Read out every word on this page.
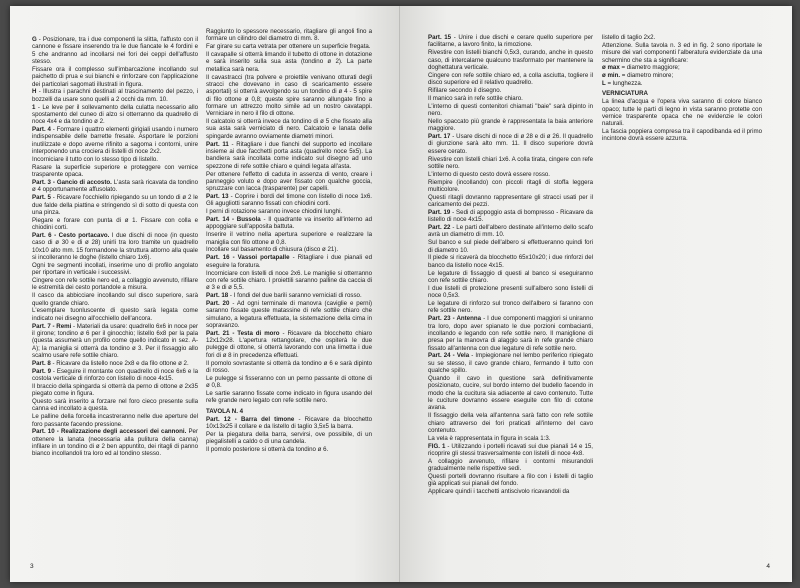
G - Posizionare, tra i due componenti la slitta, l'affusto con il cannone e fissare inserendo tra le due fiancate le 4 fordini e 5 che andranno ad incollarsi nei fori dei ceppi dell'affusto stesso.

Fissare ora il complesso sull'imbarcazione incollando sul paichetto di prua e sui bianchi e rinforzare con l'applicazione dei particolari sagomati illustrati in figura.

H - Illustra i parachni destinati al trascinamento del pezzo, i bozzelli da usare sono quelli a 2 occhi da mm. 10.

1 - Le leve per il sollevamento della culatta necessario allo spostamento del cuneo di alzo si otterranno da quadrello di noce 4x4 e da tondino ø 2.

Part. 4 - Formare i quattro elementi girigiali usando i numero indispensabile delle barrette fresate. Asportare le porzioni inutilizzate e dopo averne rifinito a sagoma i contorni, unire interponendo una crociera di listelli di noce 2x2.

Incorniciare il tutto con lo stesso tipo di listello.

Rasare la superficie superiore e proteggere con vernice trasparente opaca.

Part. 3 - Gancio di accosto. L'asta sarà ricavata da tondino ø 4 opportunamente affusolato.

Part. 5 - Ricavare l'occhiello ripiegando su un tondo di ø 2 le due falde della piattina e stringendo sì di sotto di questa con una pinza.

Piegare e forare con punta di ø 1. Fissare con colla e chiodini corti.

Part. 6 - Cesto portacavo. I due dischi di noce (in questo caso di ø 30 e di ø 28) unirli tra loro tramite un quadrello 10x10 alto mm. 15 formandone la struttura attorno alla quale si incolleranno le doghe (listello chiaro 1x6).

Ogni tre segmenti incollati, inserirne uno di profilo angolato per riportare in verticale i successivi.

Cingere con refe sottile nero ed, a collaggio avvenuto, rifilare le estremità dei cesto portandole a misura.

Il casco da abbicciare incollando sul disco superiore, sarà quello grande chiaro.

L'esemplare tuonluscente di questo sarà legata come indicato nei disegno all'occhiello dell'ancora.

Part. 7 - Remi - Materiali da usare: quadrello 6x6 in noce per il girone; tondino ø 6 per il ginocchio; listello 6x8 per la pala (questa assumerà un profilo come quello indicato in sez. A-A); la maniglia si otterrà da tondino ø 3. Per il fissaggio allo scalmo usare refe sottile chiaro.

Part. 8 - Ricavare da listello noce 2x8 e da filo ottone ø 2.

Part. 9 - Eseguire il montante con quadrello di noce 6x6 e la costola verticale di rinforzo con listello di noce 4x15.

Il braccio della spingarda si otterrà da perno di ottone ø 2x35 piegato come in figura.

Questo sarà inserito a forzare nel foro cieco presente sulla canna ed incollato a questa.

Le palline della forcella incastreranno nelle due aperture del foro passante facendo pressione.

Part. 10 - Realizzazione degli accessori dei cannoni. Per ottenere la lanata (necessaria alla pulitura della canna) infilare in un tondino di ø 2 ben appuntito, dei ritagli di panno bianco incollandoli tra loro ed al tondino stesso.

Raggiunto lo spessore necessario, ritagliare gli angoli fino a formare un cilindro del diametro di mm. 8.

Far girare su carta vetrata per ottenere un superficie fregata.

Il cavapalle si otterrà limando il tubetto di ottone in dotazione e sarà inserito sulla sua asta (tondino ø 2). La parte metallica sarà nera.

Il cavastracci (tra polvere e proiettile venivano otturati degli stracci che dovevano in caso di scaricamento essere asportati) si otterrà avvolgendo su un tondino di ø 4 - 5 spire di filo ottone ø 0,8; queste spire saranno allungate fino a formare un attrezzo molto simile ad un nostro cavatappi. Verniciare in nero il filo di ottone.

Il calcatoio si otterrà invece da tondino di ø 5 che fissato alla sua asta sarà verniciato di nero. Calcatoio e lanata delle spingarde avranno ovviamente diametri minori.

Part. 11 - Ritagliare i due fianchi del supporto ed incollare insieme ai due facchetti porta asta (quadrello noce 5x5). La bandiera sarà incollata come indicato sul disegno ad uno spezzone di refe sottile chiaro e quindi legata all'asta.

Per ottenere l'effetto di caduta in assenza di vento, creare i panneggio voluto e dopo aver fissato con qualche goccia, spruzzare con lacca (trasparente) per capelli.

Part. 13 - Coprire i bordi del timone con listello di noce 1x6. Gli agugliotti saranno fissati con chiodini corti.

I perni di rotazione saranno invece chiodini lunghi.

Part. 14 - Bussola - Il quadrante va inserito all'interno ad appoggiare sull'apposita battuta.

Inserire il vetrino nella apertura superiore e realizzare la maniglia con filo ottone ø 0,8.

Incollare sul basamento di chiusura (disco ø 21).

Part. 16 - Vassoi portapalle - Ritagliare i due pianali ed eseguire la foratura.

Incorniciare con listelli di noce 2x6. Le maniglie si otterranno con refe sottile chiaro. I proiettili saranno palline da caccia di ø 3 e di ø 5,5.

Part. 18 - I fondi del due barili saranno verniciati di rosso.

Part. 20 - Ad ogni terminale di manovra (caviglie e perni) saranno fissate queste matassine di refe sottile chiaro che simulano, a legatura effettuata, la sistemazione della cima in sopravanzo.

Part. 21 - Testa di moro - Ricavare da blocchetto chiaro 12x12x28. L'apertura rettangolare, che ospiterà le due pulegge di ottone, si otterrà lavorando con una limetta i due fori di ø 8 in precedenza effettuati.

Il pomolo sovrastante si otterrà da tondino ø 6 e sarà dipinto di rosso.

Le pulegge si fisseranno con un perno passante di ottone di ø 0,8.

Le sartie saranno fissate come indicato in figura usando del refe grande nero legato con refe sottile nero.

TAVOLA N. 4

Part. 12 - Barra del timone - Ricavare da blocchetto 10x13x25 il collare e da listello di taglio 3,5x5 la barra.

Per la piegatura della barra, servirsi, ove possibile, di un piegalistelli a caldo o di una candela.

Il pomolo posteriore si otterrà da tondino ø 6.

3

Part. 15 - Unire i due dischi e cerare quello superiore per facilitarne, a lavoro finito, la rimozione.

Rivestire con listelli bianchi 0,5x3, curando, anche in questo caso, di intercalarne qualcuno trasformato per mantenere la doghettatura verticale.

Cingere con refe sottile chiaro ed, a colla asciutta, togliere il disco superiore ed il relativo quadrello.

Rifilare secondo il disegno.

Il manico sarà in refe sottile chiaro.

L'interno di questi contenitori chiamati "baie" sarà dipinto in nero.

Nello spaccato più grande è rappresentata la baia anteriore maggiore.

Part. 17 - Usare dischi di noce di ø 28 e di ø 26. Il quadrello di giunzione sarà alto mm. 11. Il disco superiore dovrà essere cerato.

Rivestire con listelli chiari 1x6. A colla tirata, cingere con refe sottile nero.

L'interno di questo cesto dovrà essere rosso.

Riempire (incollando) con piccoli ritagli di stoffa leggera multicolore.

Questi ritagli dovranno rappresentare gli stracci usati per il caricamento dei pezzi.

Part. 19 - Sedi di appoggio asta di bompresso - Ricavare da listello di noce 4x15.

Part. 22 - Le parti dell'albero destinate all'interno dello scafo avrà un diametro di mm. 10.

Sul banco e sul piede dell'albero si effettueranno quindi fori di diametro 10.

Il piede si ricaverà da blocchetto 65x10x20; i due rinforzi del banco da listello noce 4x15.

Le legature di fissaggio di questi al banco si eseguiranno con refe sottile chiaro.

I due listelli di protezione presenti sull'albero sono listelli di noce 0,5x3.

Le legature di rinforzo sul tronco dell'albero si faranno con refe sottile nero.

Part. 23 - Antenna - I due componenti maggiori si uniranno tra loro, dopo aver spianato le due porzioni combacianti, incollando e legando con refe sottile nero. Il maniglione di presa per la manovra di alaggio sarà in refe grande chiaro fissato all'antenna con due legature di refe sottile nero.

Part. 24 - Vela - Impiegionare nel lembo periferico ripiegato su se stesso, il cavo grande chiaro, fermando il tutto con qualche spillo.

Quando il cavo in questione sarà definitivamente posizionato, cucire, sul bordo interno del budello facendo in modo che la cucitura sia adiacente al cavo contenuto. Tutte le cuciture dovranno essere eseguite con filo di cotone avana.

Il fissaggio della vela all'antenna sarà fatto con refe sottile chiaro attraverso dei fori praticati all'interno del cavo contenuto.

La vela è rappresentata in figura in scala 1:3.

FIG. 1 - Utilizzando i portelli ricavati sui due pianali 14 e 15, ricoprire gli stessi trasversalmente con listelli di noce 4x8.

A collaggio avvenuto, rifilare i contorni misurandoli gradualmente nelle rispettive sedi.

Questi portelli dovranno risultare a filo con i listelli di taglio già applicati sui pianali del fondo.

Applicare quindi i tacchetti antiscivolo ricavandoli da

listello di taglio 2x2.

Attenzione. Sulla tavola n. 3 ed in fig. 2 sono riportate le misure dei vari componenti l'alberatura evidenziate da una schermino che sta a significare:

ø max = diametro maggiore;

ø min. = diametro minore;

L = lunghezza.

VERNICIATURA

La linea d'acqua e l'opera viva saranno di colore bianco opaco; tutte le parti di legno in vista saranno protette con vernice trasparente opaca che ne evidenzie le colori naturali.

La fascia poppiera compresa tra il capodibanda ed il primo incintone dovrà essere azzurra.

4
